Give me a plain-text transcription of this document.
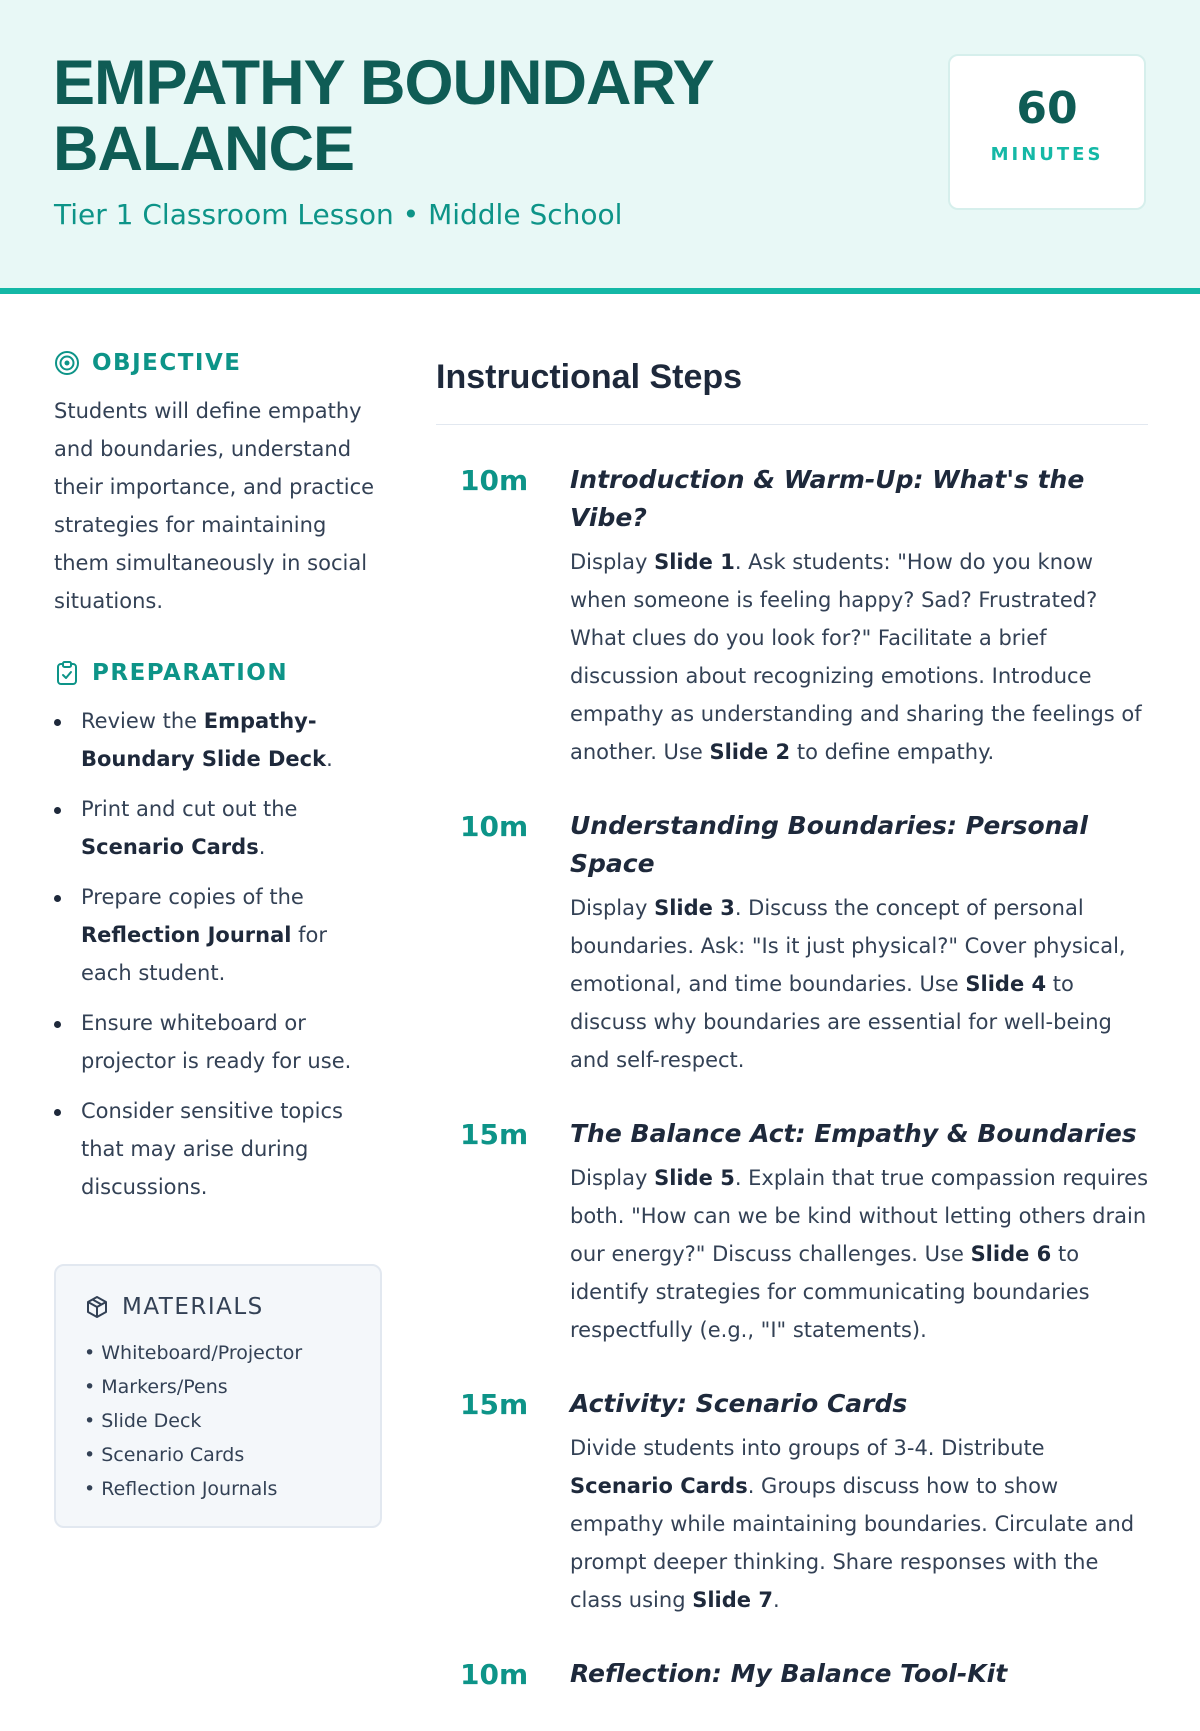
EMPATHY BOUNDARY BALANCE
Tier 1 Classroom Lesson • Middle School
60
MINUTES
OBJECTIVE
Students will define empathy and boundaries, understand their importance, and practice strategies for maintaining them simultaneously in social situations.
PREPARATION
Review the Empathy-Boundary Slide Deck.
Print and cut out the Scenario Cards.
Prepare copies of the Reflection Journal for each student.
Ensure whiteboard or projector is ready for use.
Consider sensitive topics that may arise during discussions.
MATERIALS
• Whiteboard/Projector
• Markers/Pens
• Slide Deck
• Scenario Cards
• Reflection Journals
Instructional Steps
10m	Introduction & Warm-Up: What's the Vibe?
Display Slide 1. Ask students: "How do you know when someone is feeling happy? Sad? Frustrated? What clues do you look for?" Facilitate a brief discussion about recognizing emotions. Introduce empathy as understanding and sharing the feelings of another. Use Slide 2 to define empathy.
10m	Understanding Boundaries: Personal Space
Display Slide 3. Discuss the concept of personal boundaries. Ask: "Is it just physical?" Cover physical, emotional, and time boundaries. Use Slide 4 to discuss why boundaries are essential for well-being and self-respect.
15m	The Balance Act: Empathy & Boundaries
Display Slide 5. Explain that true compassion requires both. "How can we be kind without letting others drain our energy?" Discuss challenges. Use Slide 6 to identify strategies for communicating boundaries respectfully (e.g., "I" statements).
15m	Activity: Scenario Cards
Divide students into groups of 3-4. Distribute Scenario Cards. Groups discuss how to show empathy while maintaining boundaries. Circulate and prompt deeper thinking. Share responses with the class using Slide 7.
10m	Reflection: My Balance Tool-Kit
